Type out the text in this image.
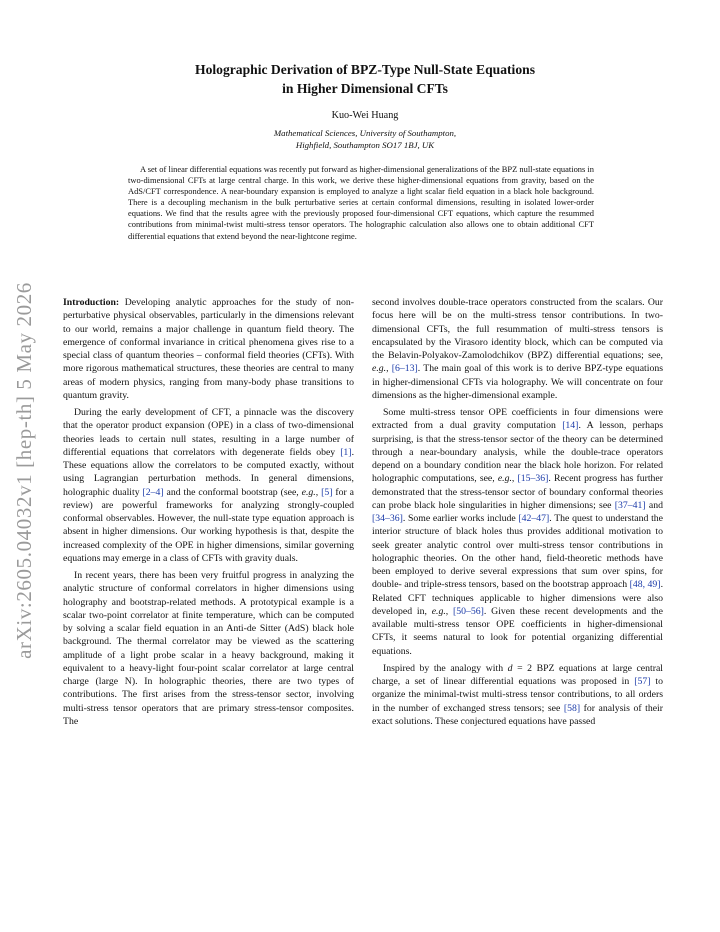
arXiv:2605.04032v1 [hep-th] 5 May 2026
Holographic Derivation of BPZ-Type Null-State Equations
in Higher Dimensional CFTs
Kuo-Wei Huang
Mathematical Sciences, University of Southampton,
Highfield, Southampton SO17 1BJ, UK
A set of linear differential equations was recently put forward as higher-dimensional generalizations of the BPZ null-state equations in two-dimensional CFTs at large central charge. In this work, we derive these higher-dimensional equations from gravity, based on the AdS/CFT correspondence. A near-boundary expansion is employed to analyze a light scalar field equation in a black hole background. There is a decoupling mechanism in the bulk perturbative series at certain conformal dimensions, resulting in isolated lower-order equations. We find that the results agree with the previously proposed four-dimensional CFT equations, which capture the resummed contributions from minimal-twist multi-stress tensor operators. The holographic calculation also allows one to obtain additional CFT differential equations that extend beyond the near-lightcone regime.

Introduction: Developing analytic approaches for the study of non-perturbative physical observables, particularly in the dimensions relevant to our world, remains a major challenge in quantum field theory. The emergence of conformal invariance in critical phenomena gives rise to a special class of quantum theories – conformal field theories (CFTs). With more rigorous mathematical structures, these theories are central to many areas of modern physics, ranging from many-body phase transitions to quantum gravity.

During the early development of CFT, a pinnacle was the discovery that the operator product expansion (OPE) in a class of two-dimensional theories leads to certain null states, resulting in a large number of differential equations that correlators with degenerate fields obey [1]. These equations allow the correlators to be computed exactly, without using Lagrangian perturbation methods. In general dimensions, holographic duality [2–4] and the conformal bootstrap (see, e.g., [5] for a review) are powerful frameworks for analyzing strongly-coupled conformal observables. However, the null-state type equation approach is absent in higher dimensions. Our working hypothesis is that, despite the increased complexity of the OPE in higher dimensions, similar governing equations may emerge in a class of CFTs with gravity duals.

In recent years, there has been very fruitful progress in analyzing the analytic structure of conformal correlators in higher dimensions using holography and bootstrap-related methods. A prototypical example is a scalar two-point correlator at finite temperature, which can be computed by solving a scalar field equation in an Anti-de Sitter (AdS) black hole background. The thermal correlator may be viewed as the scattering amplitude of a light probe scalar in a heavy background, making it equivalent to a heavy-light four-point scalar correlator at large central charge (large N). In holographic theories, there are two types of contributions. The first arises from the stress-tensor sector, involving multi-stress tensor operators that are primary stress-tensor composites. The

second involves double-trace operators constructed from the scalars. Our focus here will be on the multi-stress tensor contributions. In two-dimensional CFTs, the full resummation of multi-stress tensors is encapsulated by the Virasoro identity block, which can be computed via the Belavin-Polyakov-Zamolodchikov (BPZ) differential equations; see, e.g., [6–13]. The main goal of this work is to derive BPZ-type equations in higher-dimensional CFTs via holography. We will concentrate on four dimensions as the higher-dimensional example.

Some multi-stress tensor OPE coefficients in four dimensions were extracted from a dual gravity computation [14]. A lesson, perhaps surprising, is that the stress-tensor sector of the theory can be determined through a near-boundary analysis, while the double-trace operators depend on a boundary condition near the black hole horizon. For related holographic computations, see, e.g., [15–36]. Recent progress has further demonstrated that the stress-tensor sector of boundary conformal theories can probe black hole singularities in higher dimensions; see [37–41] and [34–36]. Some earlier works include [42–47]. The quest to understand the interior structure of black holes thus provides additional motivation to seek greater analytic control over multi-stress tensor contributions in holographic theories. On the other hand, field-theoretic methods have been employed to derive several expressions that sum over spins, for double- and triple-stress tensors, based on the bootstrap approach [48, 49]. Related CFT techniques applicable to higher dimensions were also developed in, e.g., [50–56]. Given these recent developments and the available multi-stress tensor OPE coefficients in higher-dimensional CFTs, it seems natural to look for potential organizing differential equations.

Inspired by the analogy with d = 2 BPZ equations at large central charge, a set of linear differential equations was proposed in [57] to organize the minimal-twist multi-stress tensor contributions, to all orders in the number of exchanged stress tensors; see [58] for analysis of their exact solutions. These conjectured equations have passed
